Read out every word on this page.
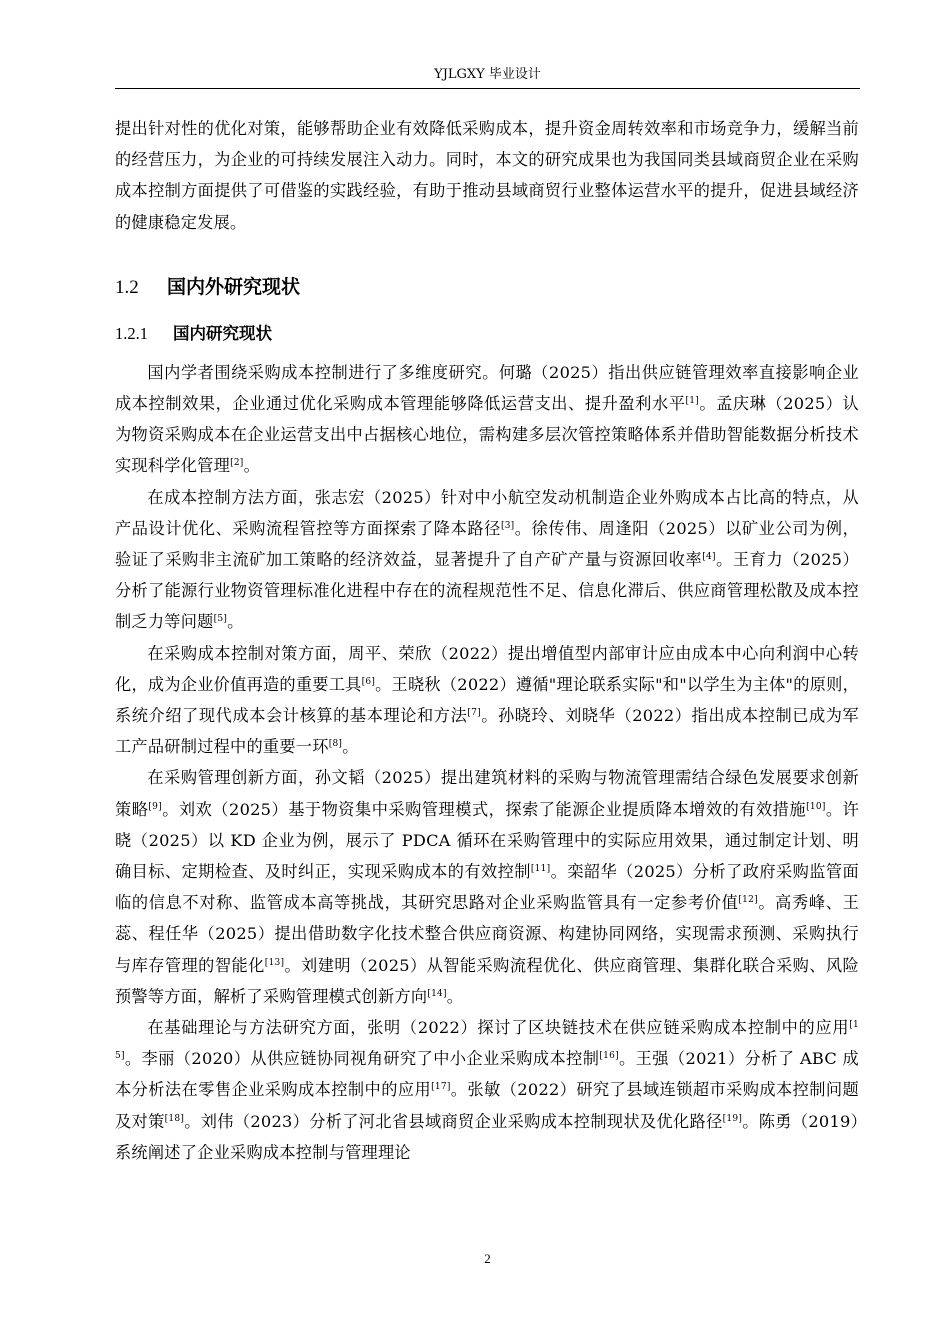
YJLGXY 毕业设计

提出针对性的优化对策，能够帮助企业有效降低采购成本，提升资金周转效率和市场竞争力，缓解当前的经营压力，为企业的可持续发展注入动力。同时，本文的研究成果也为我国同类县域商贸企业在采购成本控制方面提供了可借鉴的实践经验，有助于推动县域商贸行业整体运营水平的提升，促进县域经济的健康稳定发展。

1.2 国内外研究现状
1.2.1 国内研究现状

国内学者围绕采购成本控制进行了多维度研究。何璐（2025）指出供应链管理效率直接影响企业成本控制效果，企业通过优化采购成本管理能够降低运营支出、提升盈利水平[1]。孟庆琳（2025）认为物资采购成本在企业运营支出中占据核心地位，需构建多层次管控策略体系并借助智能数据分析技术实现科学化管理[2]。

在成本控制方法方面，张志宏（2025）针对中小航空发动机制造企业外购成本占比高的特点，从产品设计优化、采购流程管控等方面探索了降本路径[3]。徐传伟、周逢阳（2025）以矿业公司为例，验证了采购非主流矿加工策略的经济效益，显著提升了自产矿产量与资源回收率[4]。王育力（2025）分析了能源行业物资管理标准化进程中存在的流程规范性不足、信息化滞后、供应商管理松散及成本控制乏力等问题[5]。

在采购成本控制对策方面，周平、荣欣（2022）提出增值型内部审计应由成本中心向利润中心转化，成为企业价值再造的重要工具[6]。王晓秋（2022）遵循"理论联系实际"和"以学生为主体"的原则，系统介绍了现代成本会计核算的基本理论和方法[7]。孙晓玲、刘晓华（2022）指出成本控制已成为军工产品研制过程中的重要一环[8]。

在采购管理创新方面，孙文韬（2025）提出建筑材料的采购与物流管理需结合绿色发展要求创新策略[9]。刘欢（2025）基于物资集中采购管理模式，探索了能源企业提质降本增效的有效措施[10]。许晓（2025）以 KD 企业为例，展示了 PDCA 循环在采购管理中的实际应用效果，通过制定计划、明确目标、定期检查、及时纠正，实现采购成本的有效控制[11]。栾韶华（2025）分析了政府采购监管面临的信息不对称、监管成本高等挑战，其研究思路对企业采购监管具有一定参考价值[12]。高秀峰、王蕊、程任华（2025）提出借助数字化技术整合供应商资源、构建协同网络，实现需求预测、采购执行与库存管理的智能化[13]。刘建明（2025）从智能采购流程优化、供应商管理、集群化联合采购、风险预警等方面，解析了采购管理模式创新方向[14]。

在基础理论与方法研究方面，张明（2022）探讨了区块链技术在供应链采购成本控制中的应用[15]。李丽（2020）从供应链协同视角研究了中小企业采购成本控制[16]。王强（2021）分析了 ABC 成本分析法在零售企业采购成本控制中的应用[17]。张敏（2022）研究了县域连锁超市采购成本控制问题及对策[18]。刘伟（2023）分析了河北省县域商贸企业采购成本控制现状及优化路径[19]。陈勇（2019）系统阐述了企业采购成本控制与管理理论

2
